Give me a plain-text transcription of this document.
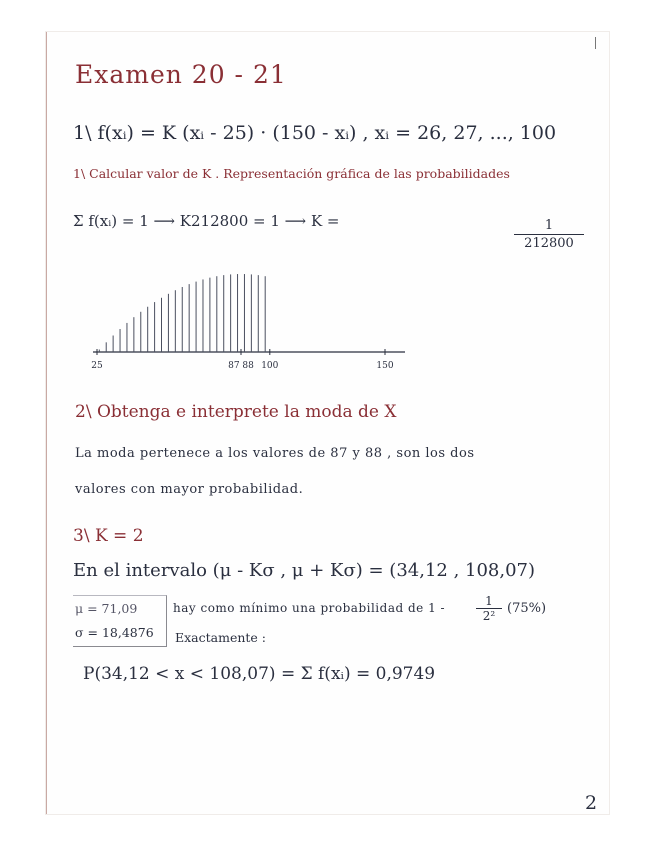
Examen 20 - 21
1\ f(xᵢ) = K (xᵢ - 25) · (150 - xᵢ) , xᵢ = 26, 27, ..., 100
1\ Calcular valor de K . Representación gráfica de las probabilidades
Σ f(xᵢ) = 1 ⟶ K212800 = 1 ⟶ K =	1
212800
25	87 88 100	150
2\ Obtenga e interprete la moda de X
La moda pertenece a los valores de 87 y 88 , son los dos
valores con mayor probabilidad.
3\ K = 2
En el intervalo (μ - Kσ , μ + Kσ) = (34,12 , 108,07)
μ = 71,09
σ = 18,4876
hay como mínimo una probabilidad de 1 -	1
2² (75%)
Exactamente :
P(34,12 < x < 108,07) = Σ f(xᵢ) = 0,9749
2
